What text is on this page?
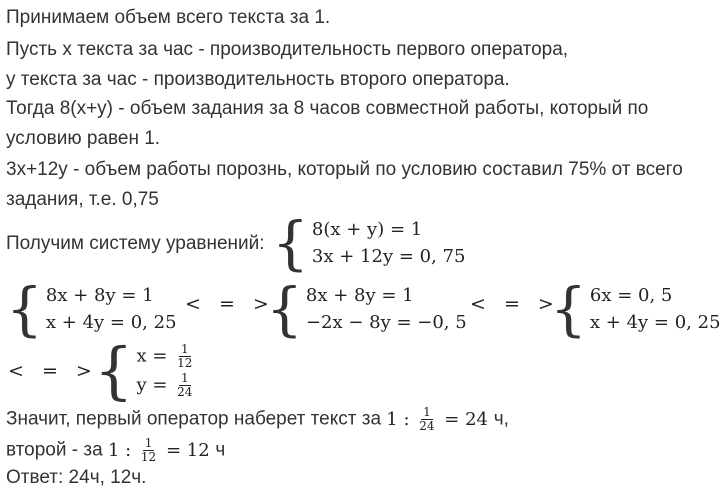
Принимаем объем всего текста за 1.
Пусть х текста за час - производительность первого оператора,
у текста за час - производительность второго оператора.
Тогда 8(х+у) - объем задания за 8 часов совместной работы, который по
условию равен 1.
3х+12у - объем работы порознь, который по условию составил 75% от всего
задания, т.е. 0,75
Получим систему уравнений: { 8(x + y) = 1
3x + 12y = 0, 75
{ 8x + 8y = 1
x + 4y = 0, 25
< = >
{ 8x + 8y = 1
−2x − 8y = −0, 5
< = >
{ 6x = 0, 5
x + 4y = 0, 25
< = >
{ $x = \frac{1}{12}$
$y = \frac{1}{24}$
Значит, первый оператор наберет текст за 1 : $\frac{1}{24} = 24$ ч,
второй - за 1 : $\frac{1}{12} = 12$ ч
Ответ: 24ч, 12ч.
